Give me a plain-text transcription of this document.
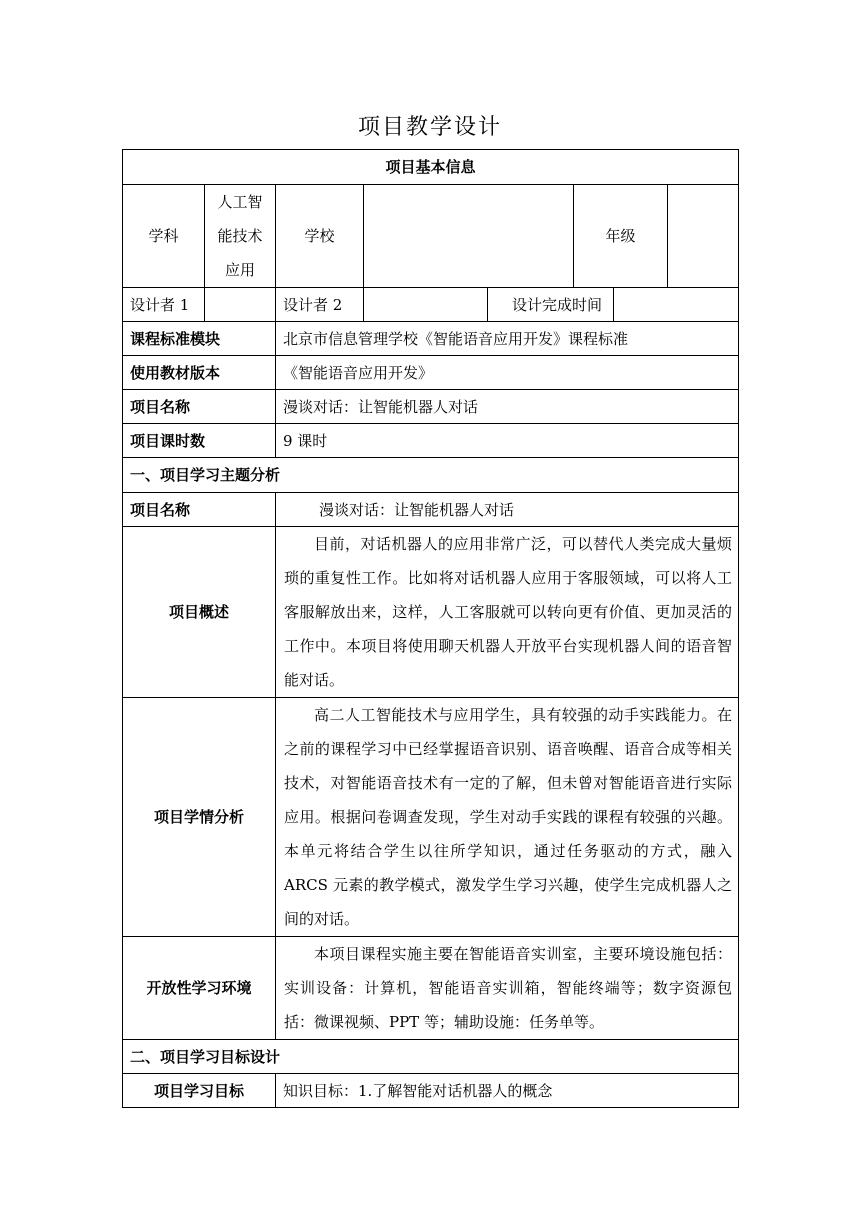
项目教学设计
项目基本信息							
学科	人工智
能技术
应用	学校			年级		
设计者 1		设计者 2		设计完成时间			
课程标准模块		北京市信息管理学校《智能语音应用开发》课程标准					
使用教材版本		《智能语音应用开发》					
项目名称		漫谈对话：让智能机器人对话					
项目课时数		9 课时					
一、项目学习主题分析							
项目名称		漫谈对话：让智能机器人对话					
项目概述		目前，对话机器人的应用非常广泛，可以替代人类完成大量烦琐的重复性工作。比如将对话机器人应用于客服领域，可以将人工客服解放出来，这样，人工客服就可以转向更有价值、更加灵活的工作中。本项目将使用聊天机器人开放平台实现机器人间的语音智能对话。					
项目学情分析		高二人工智能技术与应用学生，具有较强的动手实践能力。在之前的课程学习中已经掌握语音识别、语音唤醒、语音合成等相关技术，对智能语音技术有一定的了解，但未曾对智能语音进行实际应用。根据问卷调查发现，学生对动手实践的课程有较强的兴趣。本单元将结合学生以往所学知识，通过任务驱动的方式，融入 ARCS 元素的教学模式，激发学生学习兴趣，使学生完成机器人之间的对话。					
开放性学习环境		本项目课程实施主要在智能语音实训室，主要环境设施包括：实训设备：计算机，智能语音实训箱，智能终端等；数字资源包括：微课视频、PPT 等；辅助设施：任务单等。					
二、项目学习目标设计							
项目学习目标		知识目标：1.了解智能对话机器人的概念					
